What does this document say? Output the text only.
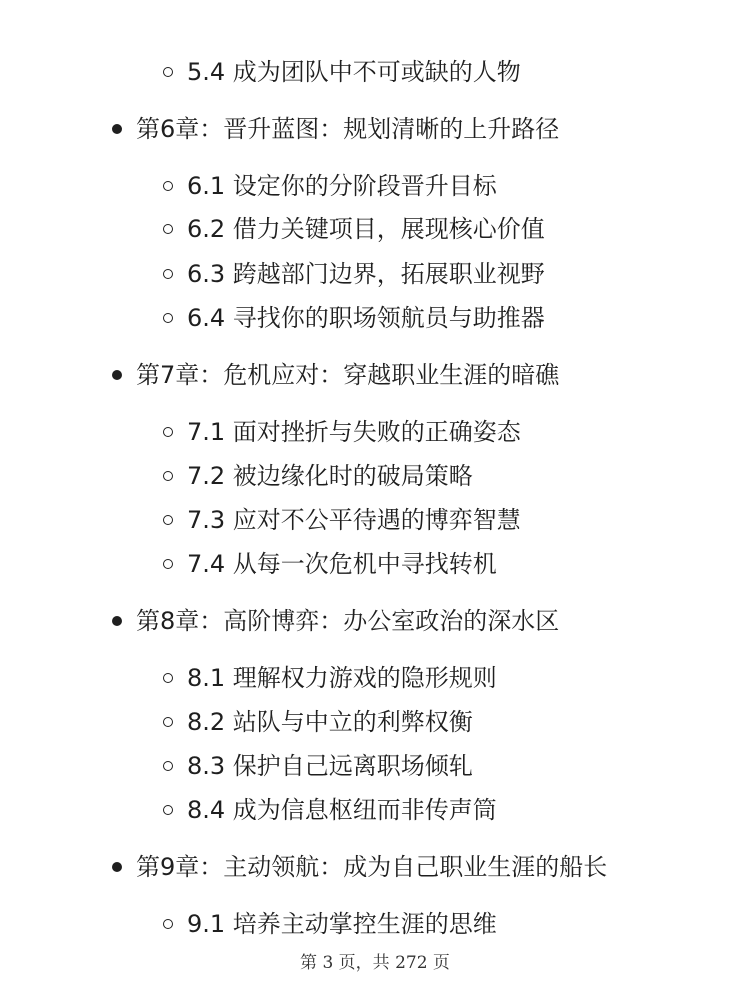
5.4 成为团队中不可或缺的人物
第6章：晋升蓝图：规划清晰的上升路径
6.1 设定你的分阶段晋升目标
6.2 借力关键项目，展现核心价值
6.3 跨越部门边界，拓展职业视野
6.4 寻找你的职场领航员与助推器
第7章：危机应对：穿越职业生涯的暗礁
7.1 面对挫折与失败的正确姿态
7.2 被边缘化时的破局策略
7.3 应对不公平待遇的博弈智慧
7.4 从每一次危机中寻找转机
第8章：高阶博弈：办公室政治的深水区
8.1 理解权力游戏的隐形规则
8.2 站队与中立的利弊权衡
8.3 保护自己远离职场倾轧
8.4 成为信息枢纽而非传声筒
第9章：主动领航：成为自己职业生涯的船长
9.1 培养主动掌控生涯的思维
第 3 页，共 272 页
